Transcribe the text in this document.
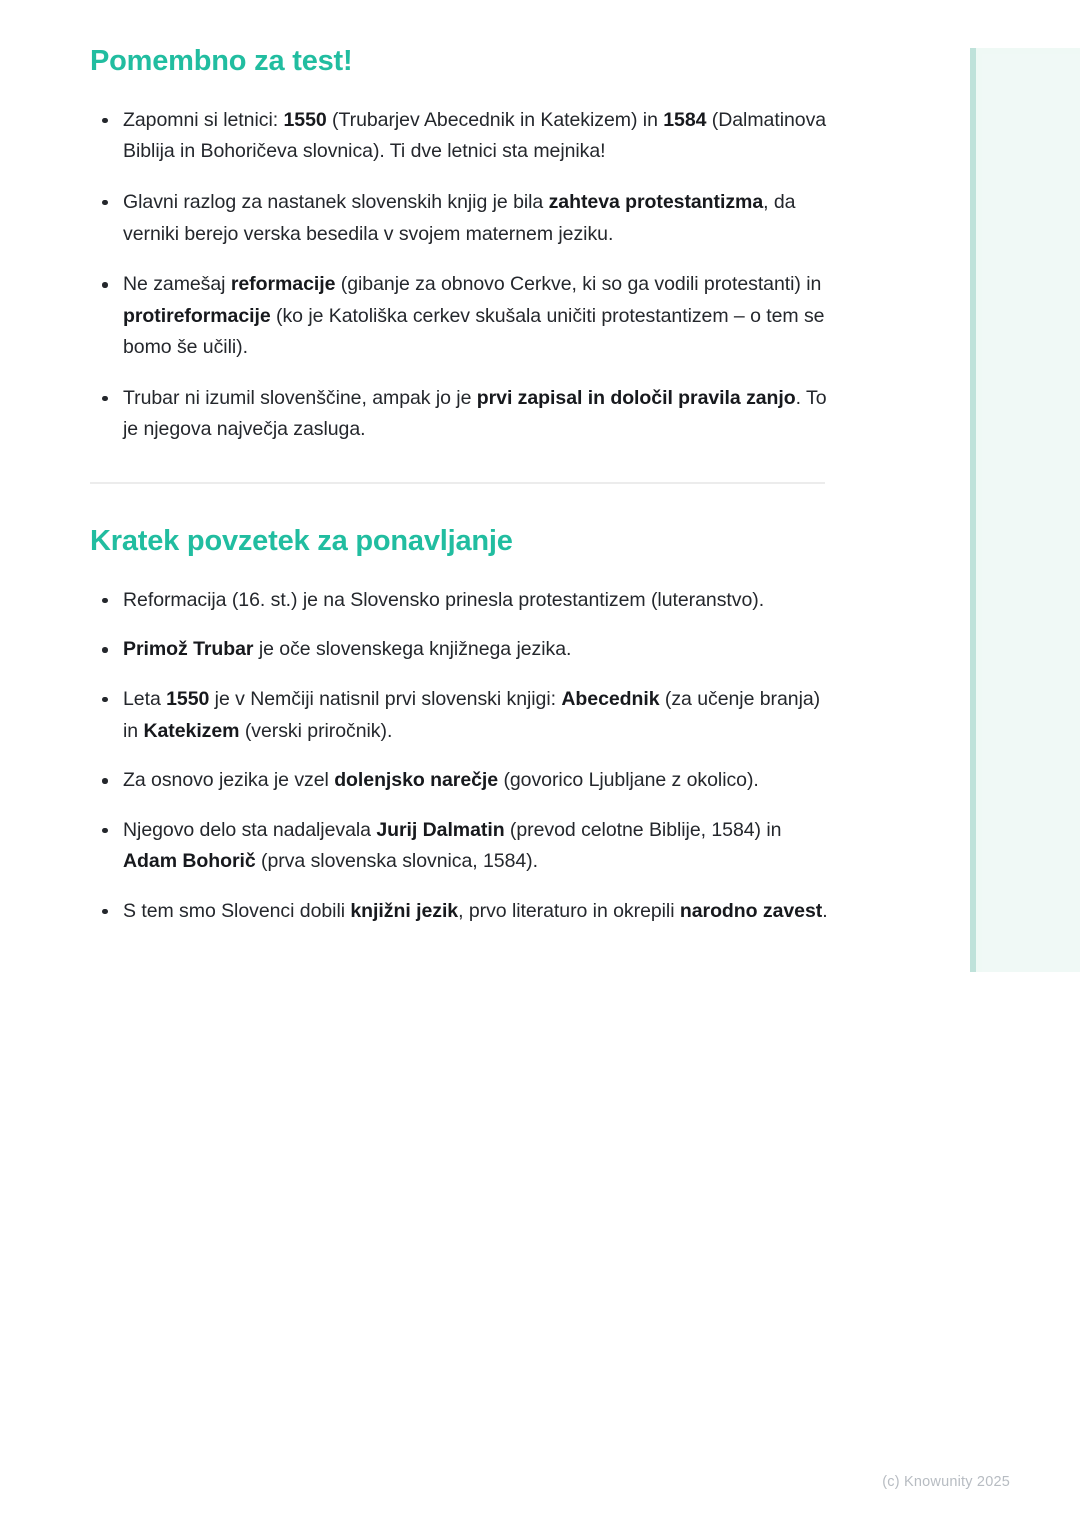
Pomembno za test!
Zapomni si letnici: 1550 (Trubarjev Abecednik in Katekizem) in 1584 (Dalmatinova Biblija in Bohoričeva slovnica). Ti dve letnici sta mejnika!
Glavni razlog za nastanek slovenskih knjig je bila zahteva protestantizma, da verniki berejo verska besedila v svojem maternem jeziku.
Ne zamešaj reformacije (gibanje za obnovo Cerkve, ki so ga vodili protestanti) in protireformacije (ko je Katoliška cerkev skušala uničiti protestantizem – o tem se bomo še učili).
Trubar ni izumil slovenščine, ampak jo je prvi zapisal in določil pravila zanjo. To je njegova največja zasluga.
Kratek povzetek za ponavljanje
Reformacija (16. st.) je na Slovensko prinesla protestantizem (luteranstvo).
Primož Trubar je oče slovenskega knjižnega jezika.
Leta 1550 je v Nemčiji natisnil prvi slovenski knjigi: Abecednik (za učenje branja) in Katekizem (verski priročnik).
Za osnovo jezika je vzel dolenjsko narečje (govorico Ljubljane z okolico).
Njegovo delo sta nadaljevala Jurij Dalmatin (prevod celotne Biblije, 1584) in Adam Bohorič (prva slovenska slovnica, 1584).
S tem smo Slovenci dobili knjižni jezik, prvo literaturo in okrepili narodno zavest.
(c) Knowunity 2025
